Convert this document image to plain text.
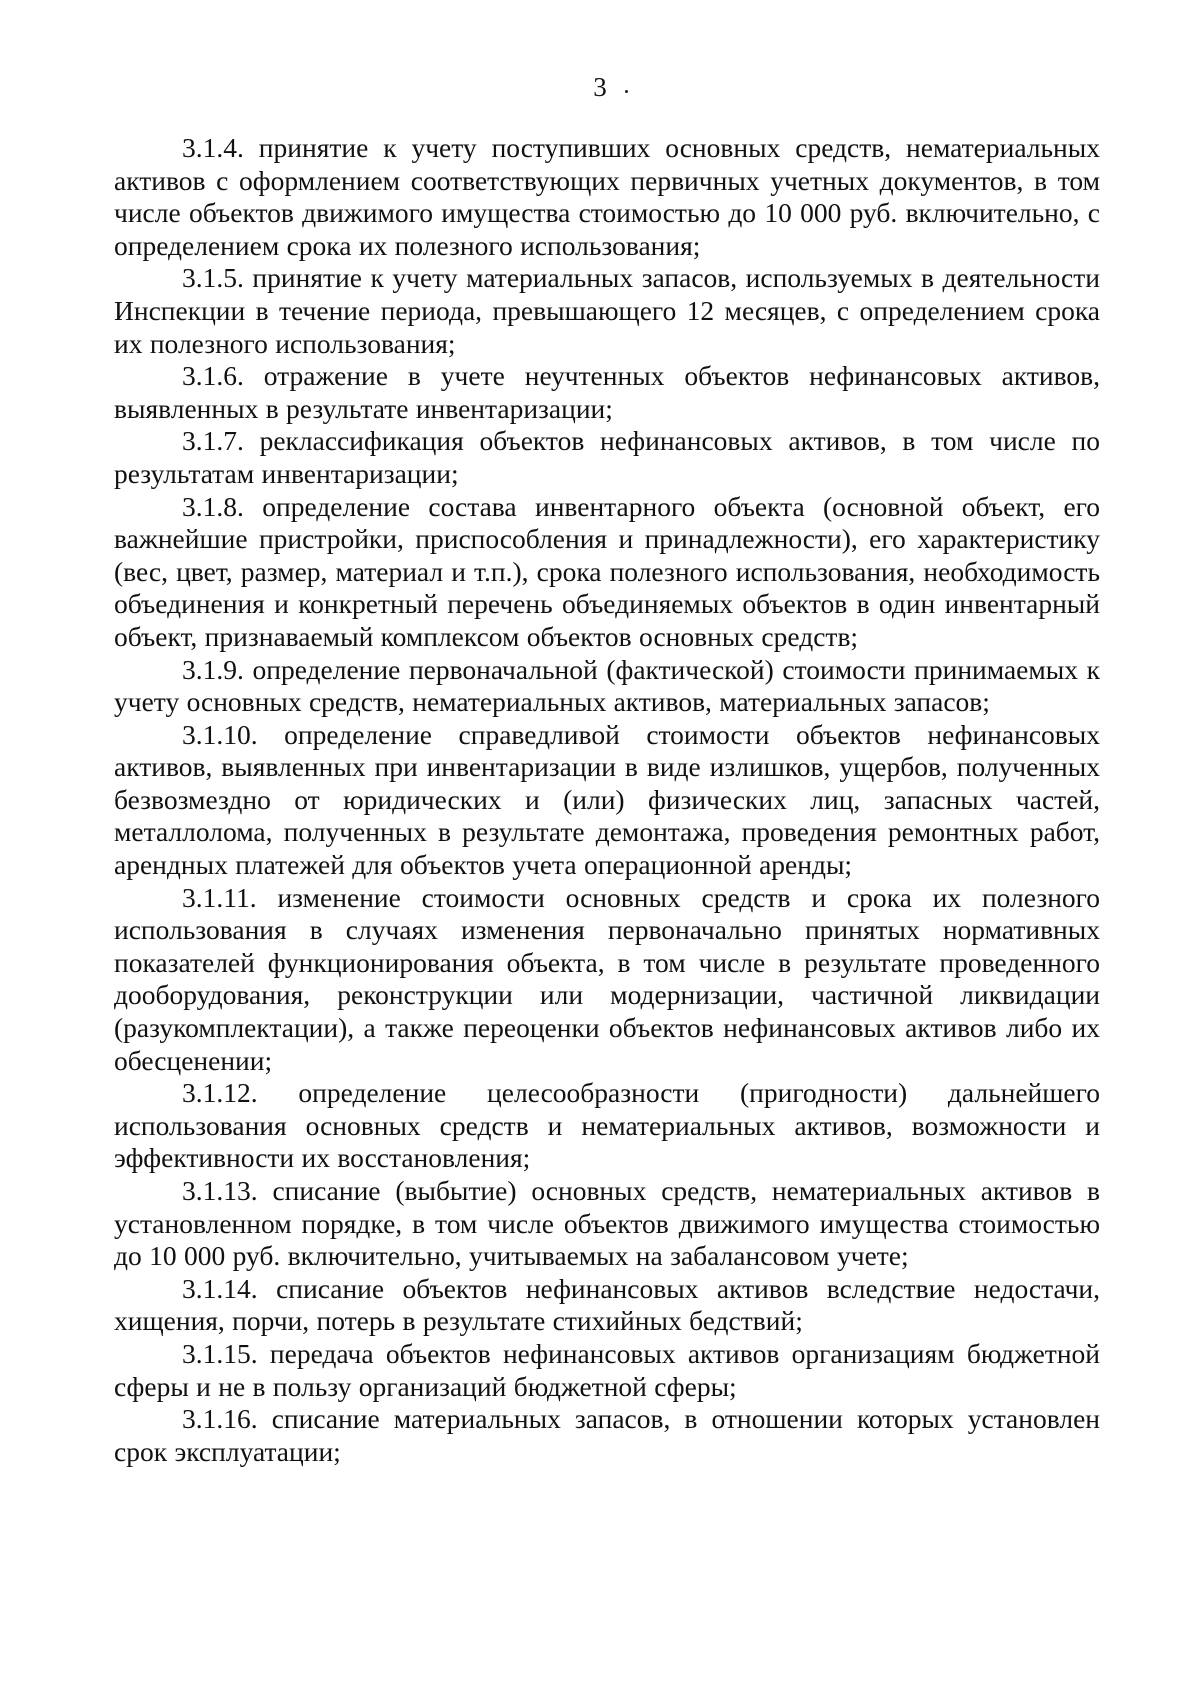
3

3.1.4. принятие к учету поступивших основных средств, нематериальных активов с оформлением соответствующих первичных учетных документов, в том числе объектов движимого имущества стоимостью до 10 000 руб. включительно, с определением срока их полезного использования;

3.1.5. принятие к учету материальных запасов, используемых в деятельности Инспекции в течение периода, превышающего 12 месяцев, с определением срока их полезного использования;

3.1.6. отражение в учете неучтенных объектов нефинансовых активов, выявленных в результате инвентаризации;

3.1.7. реклассификация объектов нефинансовых активов, в том числе по результатам инвентаризации;

3.1.8. определение состава инвентарного объекта (основной объект, его важнейшие пристройки, приспособления и принадлежности), его характеристику (вес, цвет, размер, материал и т.п.), срока полезного использования, необходимость объединения и конкретный перечень объединяемых объектов в один инвентарный объект, признаваемый комплексом объектов основных средств;

3.1.9. определение первоначальной (фактической) стоимости принимаемых к учету основных средств, нематериальных активов, материальных запасов;

3.1.10. определение справедливой стоимости объектов нефинансовых активов, выявленных при инвентаризации в виде излишков, ущербов, полученных безвозмездно от юридических и (или) физических лиц, запасных частей, металлолома, полученных в результате демонтажа, проведения ремонтных работ, арендных платежей для объектов учета операционной аренды;

3.1.11. изменение стоимости основных средств и срока их полезного использования в случаях изменения первоначально принятых нормативных показателей функционирования объекта, в том числе в результате проведенного дооборудования, реконструкции или модернизации, частичной ликвидации (разукомплектации), а также переоценки объектов нефинансовых активов либо их обесценении;

3.1.12. определение целесообразности (пригодности) дальнейшего использования основных средств и нематериальных активов, возможности и эффективности их восстановления;

3.1.13. списание (выбытие) основных средств, нематериальных активов в установленном порядке, в том числе объектов движимого имущества стоимостью до 10 000 руб. включительно, учитываемых на забалансовом учете;

3.1.14. списание объектов нефинансовых активов вследствие недостачи, хищения, порчи, потерь в результате стихийных бедствий;

3.1.15. передача объектов нефинансовых активов организациям бюджетной сферы и не в пользу организаций бюджетной сферы;

3.1.16. списание материальных запасов, в отношении которых установлен срок эксплуатации;
